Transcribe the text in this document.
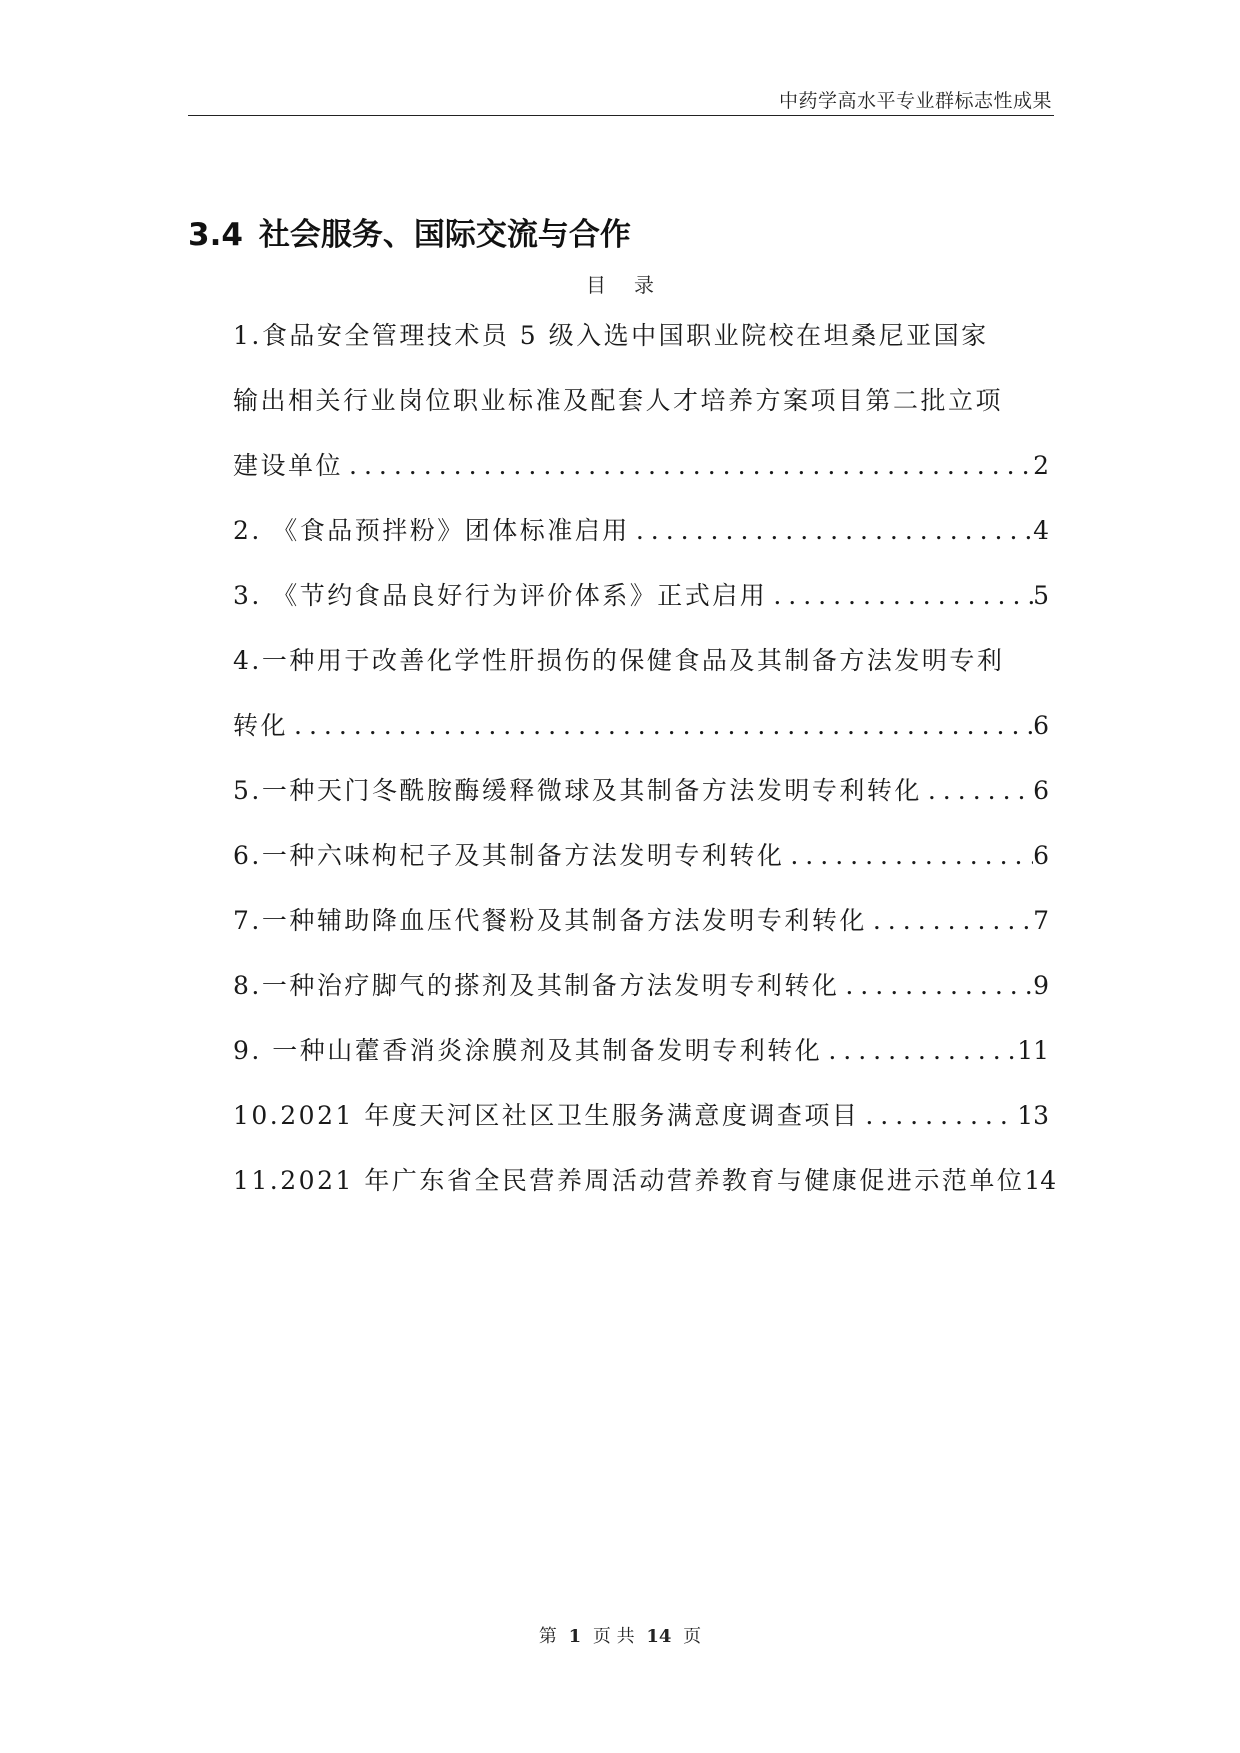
中药学高水平专业群标志性成果
3.4 社会服务、国际交流与合作
目录
1.食品安全管理技术员 5 级入选中国职业院校在坦桑尼亚国家
输出相关行业岗位职业标准及配套人才培养方案项目第二批立项
建设单位 .....	2
2. 《食品预拌粉》团体标准启用 .....	4
3. 《节约食品良好行为评价体系》正式启用 .....	5
4.一种用于改善化学性肝损伤的保健食品及其制备方法发明专利
转化 .....	6
5.一种天门冬酰胺酶缓释微球及其制备方法发明专利转化 .....	6
6.一种六味枸杞子及其制备方法发明专利转化 .....	6
7.一种辅助降血压代餐粉及其制备方法发明专利转化 .....	7
8.一种治疗脚气的搽剂及其制备方法发明专利转化 .....	9
9. 一种山藿香消炎涂膜剂及其制备发明专利转化 .....	11
10.2021 年度天河区社区卫生服务满意度调查项目 .....	13
11.2021 年广东省全民营养周活动营养教育与健康促进示范单位 14
第 1 页 共 14 页
